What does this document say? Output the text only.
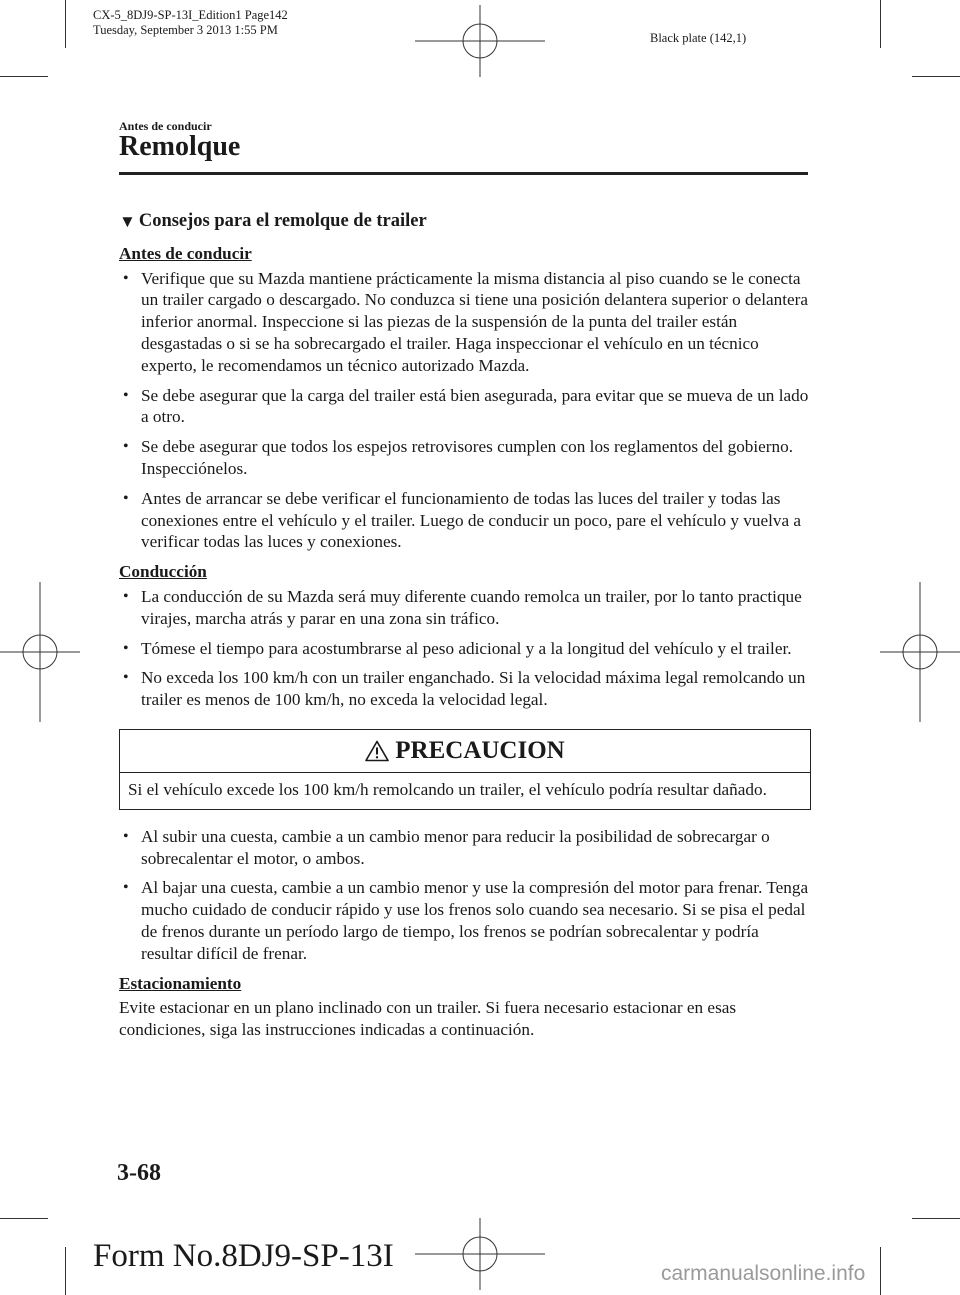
CX-5_8DJ9-SP-13I_Edition1 Page142
Tuesday, September 3 2013 1:55 PM
Black plate (142,1)
Antes de conducir
Remolque
▼ Consejos para el remolque de trailer
Antes de conducir
• Verifique que su Mazda mantiene prácticamente la misma distancia al piso cuando se le conecta un trailer cargado o descargado. No conduzca si tiene una posición delantera superior o delantera inferior anormal. Inspeccione si las piezas de la suspensión de la punta del trailer están desgastadas o si se ha sobrecargado el trailer. Haga inspeccionar el vehículo en un técnico experto, le recomendamos un técnico autorizado Mazda.
• Se debe asegurar que la carga del trailer está bien asegurada, para evitar que se mueva de un lado a otro.
• Se debe asegurar que todos los espejos retrovisores cumplen con los reglamentos del gobierno. Inspecciónelos.
• Antes de arrancar se debe verificar el funcionamiento de todas las luces del trailer y todas las conexiones entre el vehículo y el trailer. Luego de conducir un poco, pare el vehículo y vuelva a verificar todas las luces y conexiones.
Conducción
• La conducción de su Mazda será muy diferente cuando remolca un trailer, por lo tanto practique virajes, marcha atrás y parar en una zona sin tráfico.
• Tómese el tiempo para acostumbrarse al peso adicional y a la longitud del vehículo y el trailer.
• No exceda los 100 km/h con un trailer enganchado. Si la velocidad máxima legal remolcando un trailer es menos de 100 km/h, no exceda la velocidad legal.
PRECAUCION
Si el vehículo excede los 100 km/h remolcando un trailer, el vehículo podría resultar dañado.
• Al subir una cuesta, cambie a un cambio menor para reducir la posibilidad de sobrecargar o sobrecalentar el motor, o ambos.
• Al bajar una cuesta, cambie a un cambio menor y use la compresión del motor para frenar. Tenga mucho cuidado de conducir rápido y use los frenos solo cuando sea necesario. Si se pisa el pedal de frenos durante un período largo de tiempo, los frenos se podrían sobrecalentar y podría resultar difícil de frenar.
Estacionamiento

Evite estacionar en un plano inclinado con un trailer. Si fuera necesario estacionar en esas condiciones, siga las instrucciones indicadas a continuación.

3-68
Form No.8DJ9-SP-13I	carmanualsonline.info
